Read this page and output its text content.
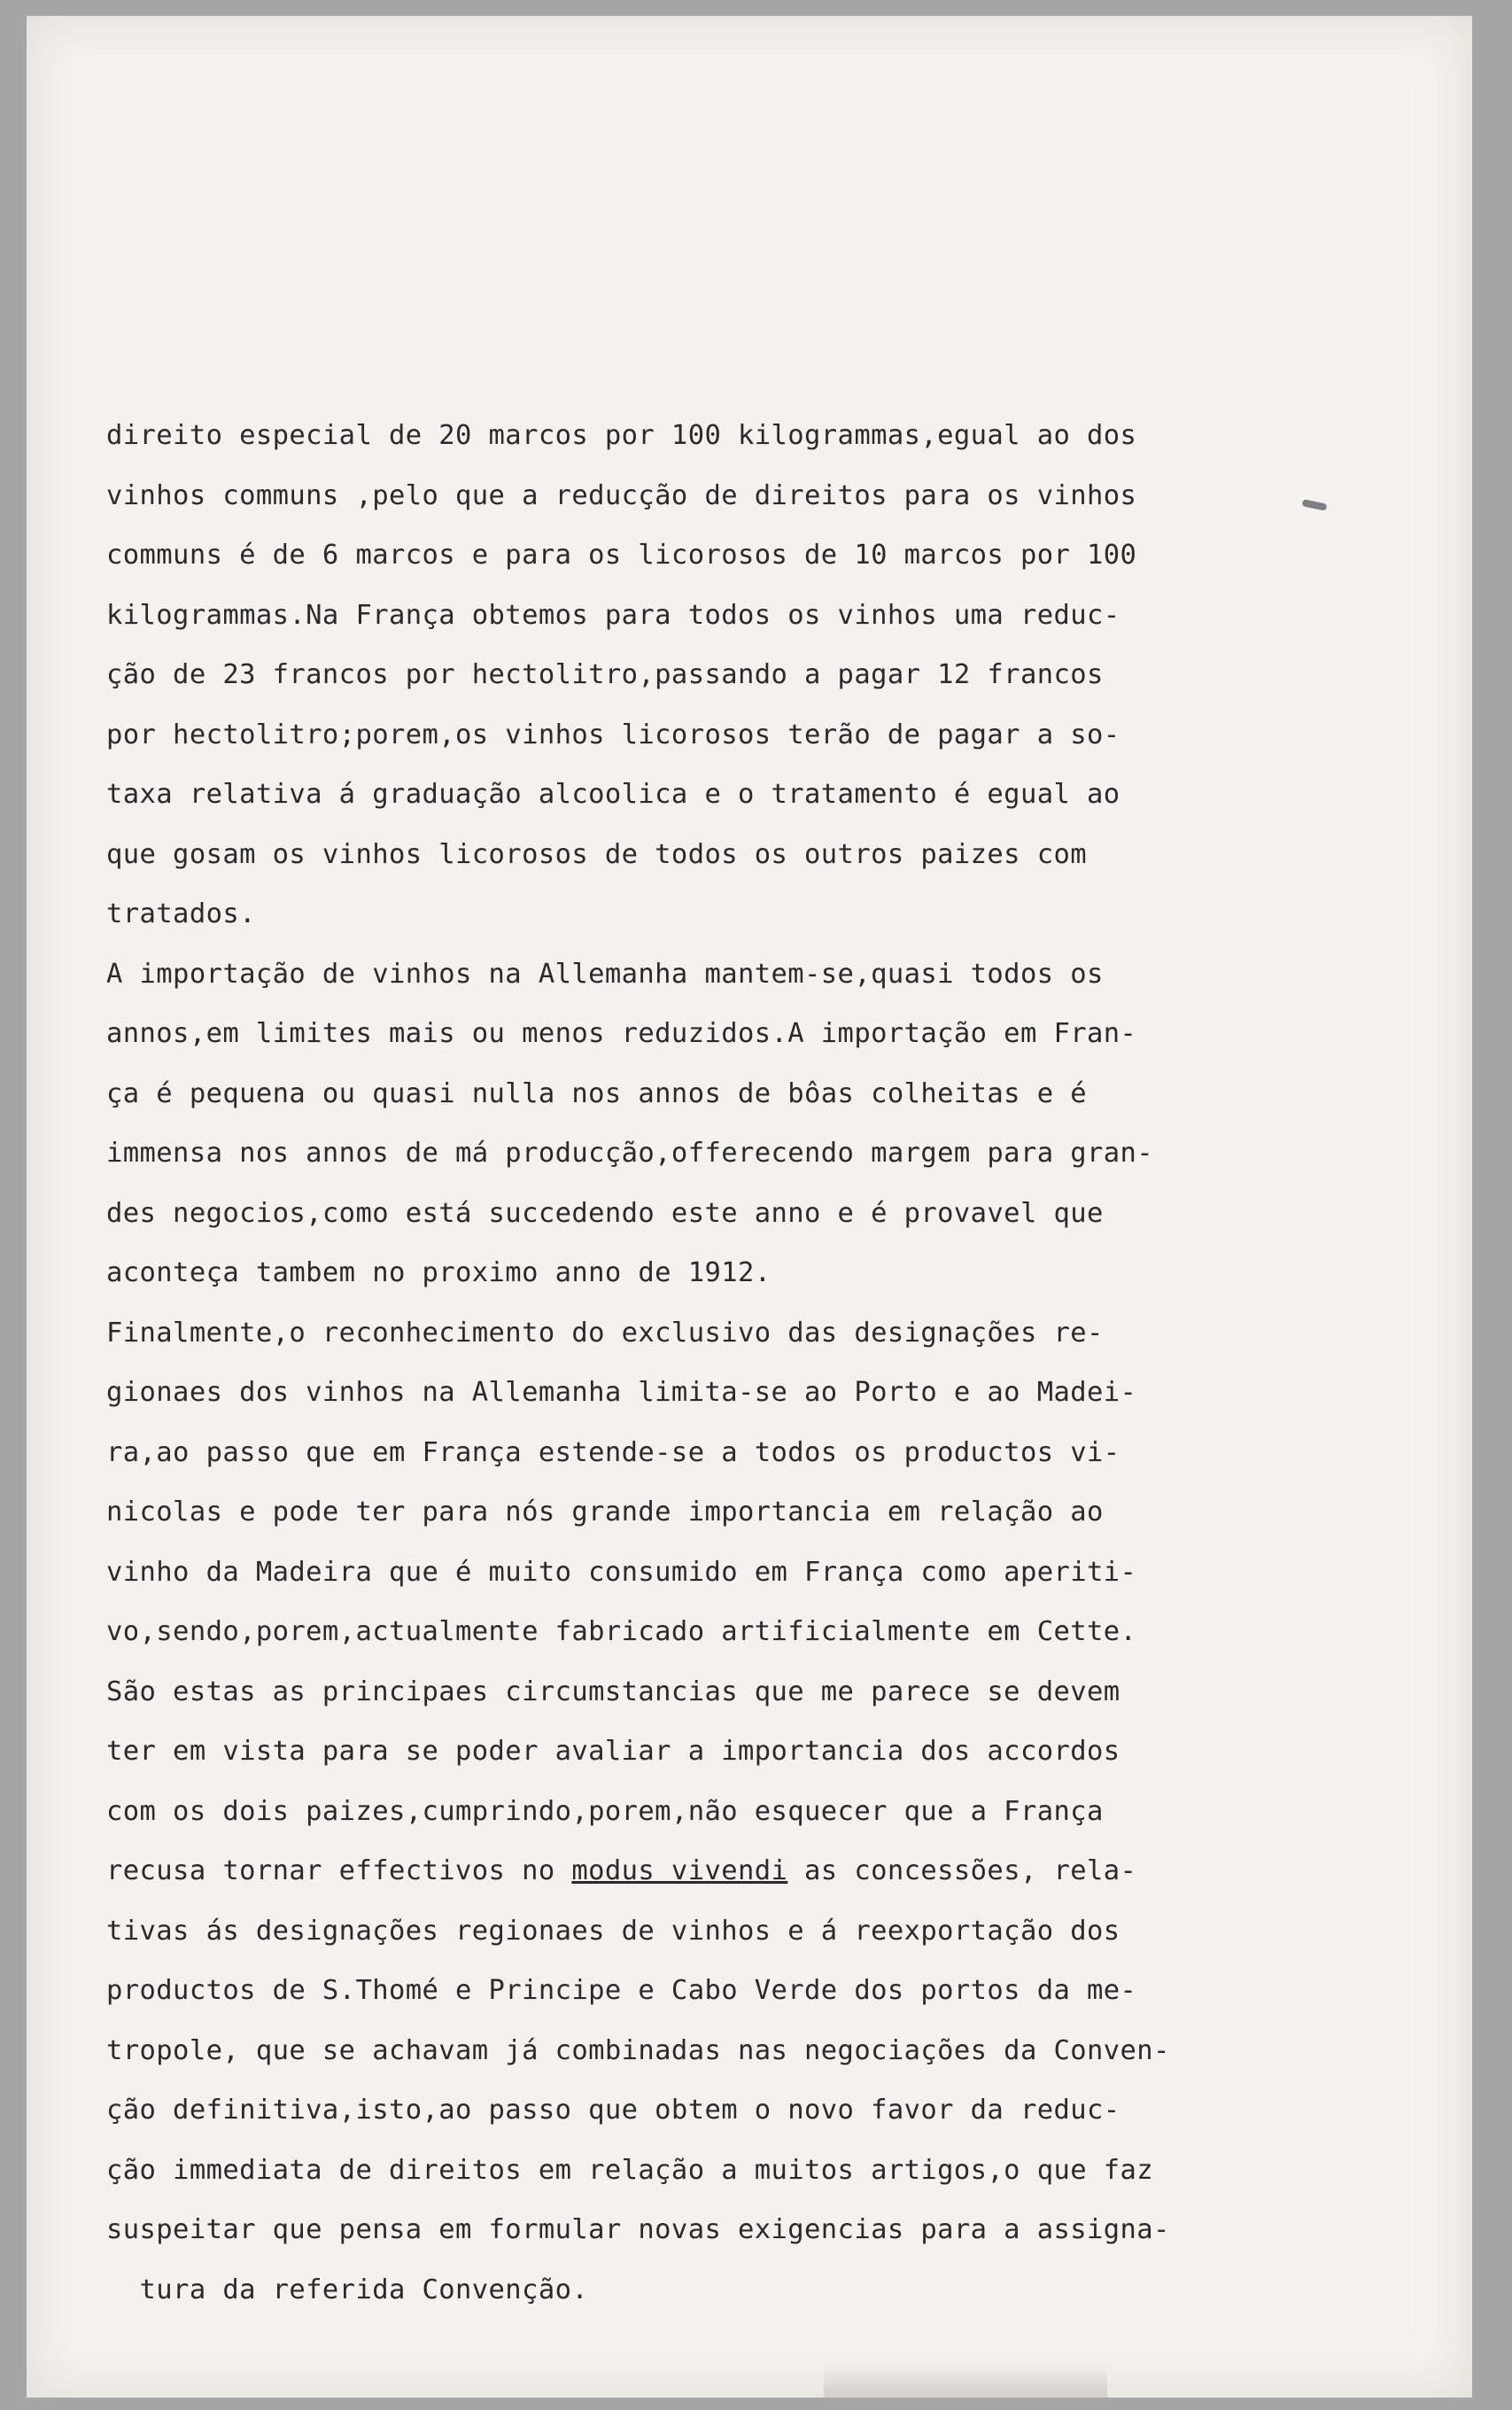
direito especial de 20 marcos por 100 kilogrammas,egual ao dos
vinhos communs ,pelo que a reducção de direitos para os vinhos
communs é de 6 marcos e para os licorosos de 10 marcos por 100
kilogrammas.Na França obtemos para todos os vinhos uma reduc-
ção de 23 francos por hectolitro,passando a pagar 12 francos
por hectolitro;porem,os vinhos licorosos terão de pagar a so-
taxa relativa á graduação alcoolica e o tratamento é egual ao
que gosam os vinhos licorosos de todos os outros paizes com
tratados.
A importação de vinhos na Allemanha mantem-se,quasi todos os
annos,em limites mais ou menos reduzidos.A importação em Fran-
ça é pequena ou quasi nulla nos annos de bôas colheitas e é
immensa nos annos de má producção,offerecendo margem para gran-
des negocios,como está succedendo este anno e é provavel que
aconteça tambem no proximo anno de 1912.
Finalmente,o reconhecimento do exclusivo das designações re-
gionaes dos vinhos na Allemanha limita-se ao Porto e ao Madei-
ra,ao passo que em França estende-se a todos os productos vi-
nicolas e pode ter para nós grande importancia em relação ao
vinho da Madeira que é muito consumido em França como aperiti-
vo,sendo,porem,actualmente fabricado artificialmente em Cette.
São estas as principaes circumstancias que me parece se devem
ter em vista para se poder avaliar a importancia dos accordos
com os dois paizes,cumprindo,porem,não esquecer que a França
recusa tornar effectivos no modus vivendi as concessões, rela-
tivas ás designações regionaes de vinhos e á reexportação dos
productos de S.Thomé e Principe e Cabo Verde dos portos da me-
tropole, que se achavam já combinadas nas negociações da Conven-
ção definitiva,isto,ao passo que obtem o novo favor da reduc-
ção immediata de direitos em relação a muitos artigos,o que faz
suspeitar que pensa em formular novas exigencias para a assigna-
tura da referida Convenção.
